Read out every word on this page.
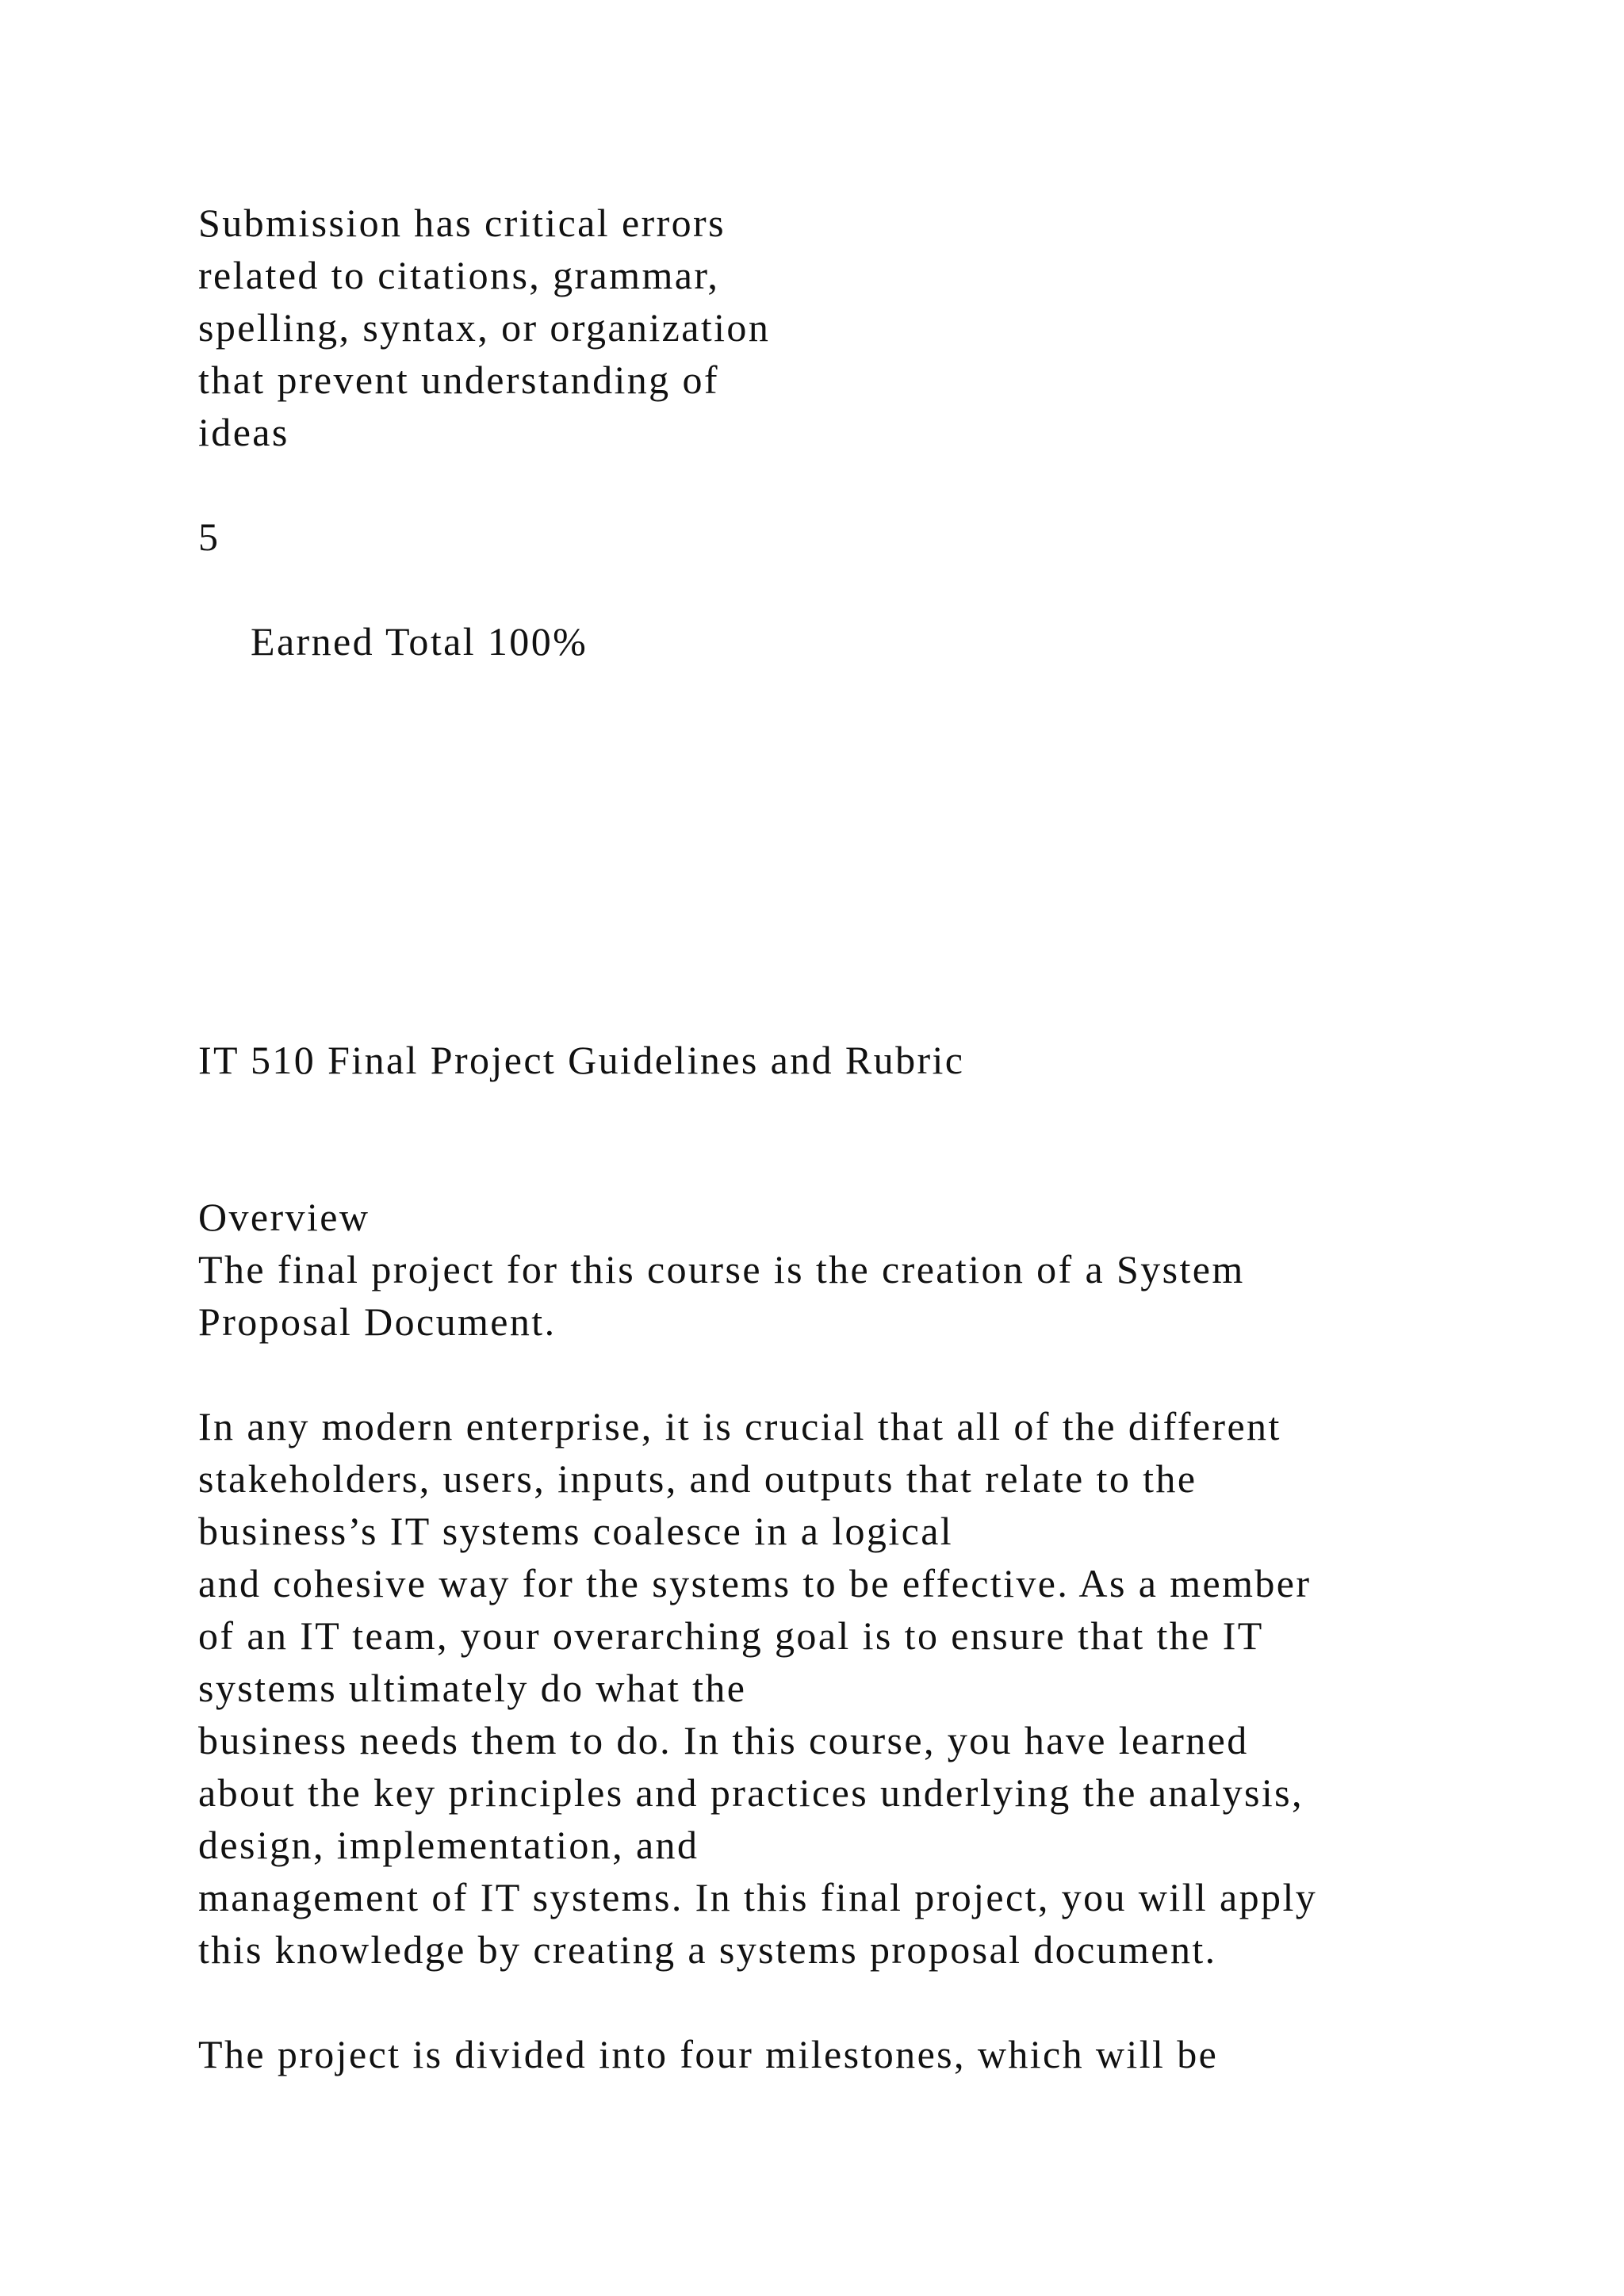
Submission has critical errors

related to citations, grammar,

spelling, syntax, or organization

that prevent understanding of

ideas

5

Earned Total 100%

IT 510 Final Project Guidelines and Rubric

Overview

The final project for this course is the creation of a System

Proposal Document.

In any modern enterprise, it is crucial that all of the different

stakeholders, users, inputs, and outputs that relate to the

business’s IT systems coalesce in a logical

and cohesive way for the systems to be effective. As a member

of an IT team, your overarching goal is to ensure that the IT

systems ultimately do what the

business needs them to do. In this course, you have learned

about the key principles and practices underlying the analysis,

design, implementation, and

management of IT systems. In this final project, you will apply

this knowledge by creating a systems proposal document.

The project is divided into four milestones, which will be
